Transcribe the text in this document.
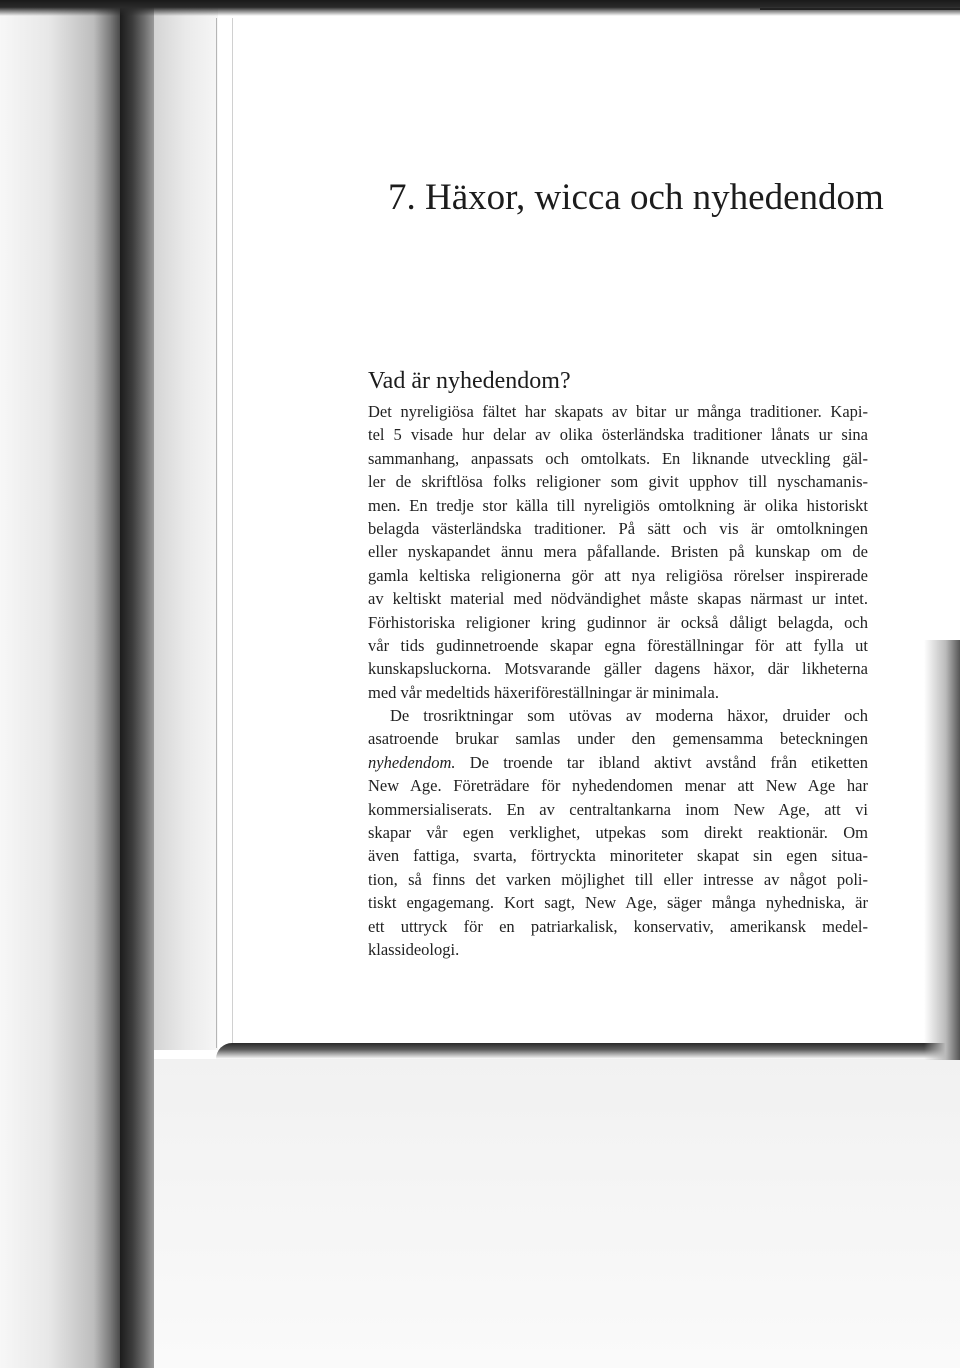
7. Häxor, wicca och nyhedendom
Vad är nyhedendom?
Det nyreligiösa fältet har skapats av bitar ur många traditioner. Kapi-
tel 5 visade hur delar av olika österländska traditioner lånats ur sina
sammanhang, anpassats och omtolkats. En liknande utveckling gäl-
ler de skriftlösa folks religioner som givit upphov till nyschamanis-
men. En tredje stor källa till nyreligiös omtolkning är olika historiskt
belagda västerländska traditioner. På sätt och vis är omtolkningen
eller nyskapandet ännu mera påfallande. Bristen på kunskap om de
gamla keltiska religionerna gör att nya religiösa rörelser inspirerade
av keltiskt material med nödvändighet måste skapas närmast ur intet.
Förhistoriska religioner kring gudinnor är också dåligt belagda, och
vår tids gudinnetroende skapar egna föreställningar för att fylla ut
kunskapsluckorna. Motsvarande gäller dagens häxor, där likheterna
med vår medeltids häxeriföreställningar är minimala.
De trosriktningar som utövas av moderna häxor, druider och
asatroende brukar samlas under den gemensamma beteckningen
nyhedendom. De troende tar ibland aktivt avstånd från etiketten
New Age. Företrädare för nyhedendomen menar att New Age har
kommersialiserats. En av centraltankarna inom New Age, att vi
skapar vår egen verklighet, utpekas som direkt reaktionär. Om
även fattiga, svarta, förtryckta minoriteter skapat sin egen situa-
tion, så finns det varken möjlighet till eller intresse av något poli-
tiskt engagemang. Kort sagt, New Age, säger många nyhedniska, är
ett uttryck för en patriarkalisk, konservativ, amerikansk medel-
klassideologi.
